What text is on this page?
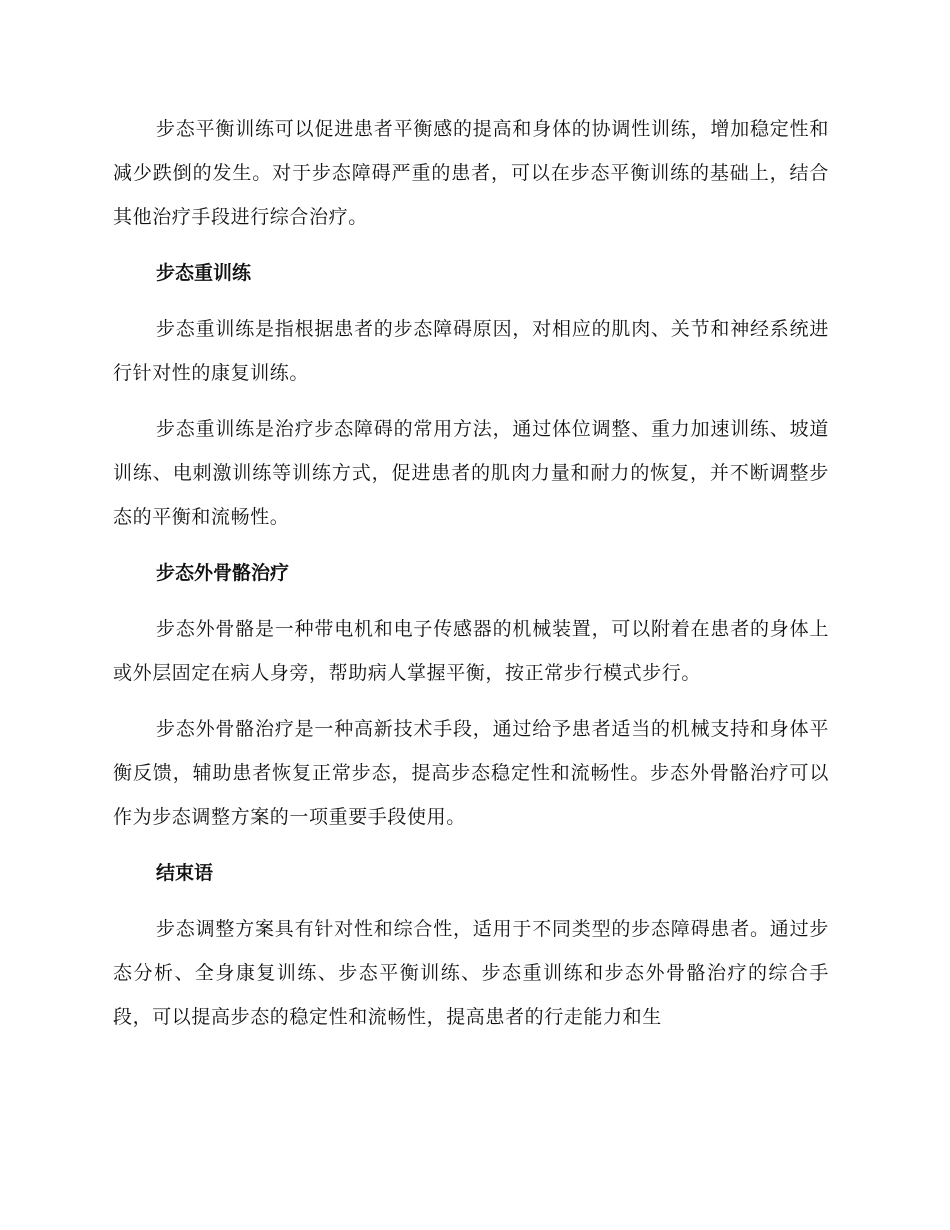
步态平衡训练可以促进患者平衡感的提高和身体的协调性训练，增加稳定性和减少跌倒的发生。对于步态障碍严重的患者，可以在步态平衡训练的基础上，结合其他治疗手段进行综合治疗。

步态重训练

步态重训练是指根据患者的步态障碍原因，对相应的肌肉、关节和神经系统进行针对性的康复训练。

步态重训练是治疗步态障碍的常用方法，通过体位调整、重力加速训练、坡道训练、电刺激训练等训练方式，促进患者的肌肉力量和耐力的恢复，并不断调整步态的平衡和流畅性。

步态外骨骼治疗

步态外骨骼是一种带电机和电子传感器的机械装置，可以附着在患者的身体上或外层固定在病人身旁，帮助病人掌握平衡，按正常步行模式步行。

步态外骨骼治疗是一种高新技术手段，通过给予患者适当的机械支持和身体平衡反馈，辅助患者恢复正常步态，提高步态稳定性和流畅性。步态外骨骼治疗可以作为步态调整方案的一项重要手段使用。

结束语

步态调整方案具有针对性和综合性，适用于不同类型的步态障碍患者。通过步态分析、全身康复训练、步态平衡训练、步态重训练和步态外骨骼治疗的综合手段，可以提高步态的稳定性和流畅性，提高患者的行走能力和生
